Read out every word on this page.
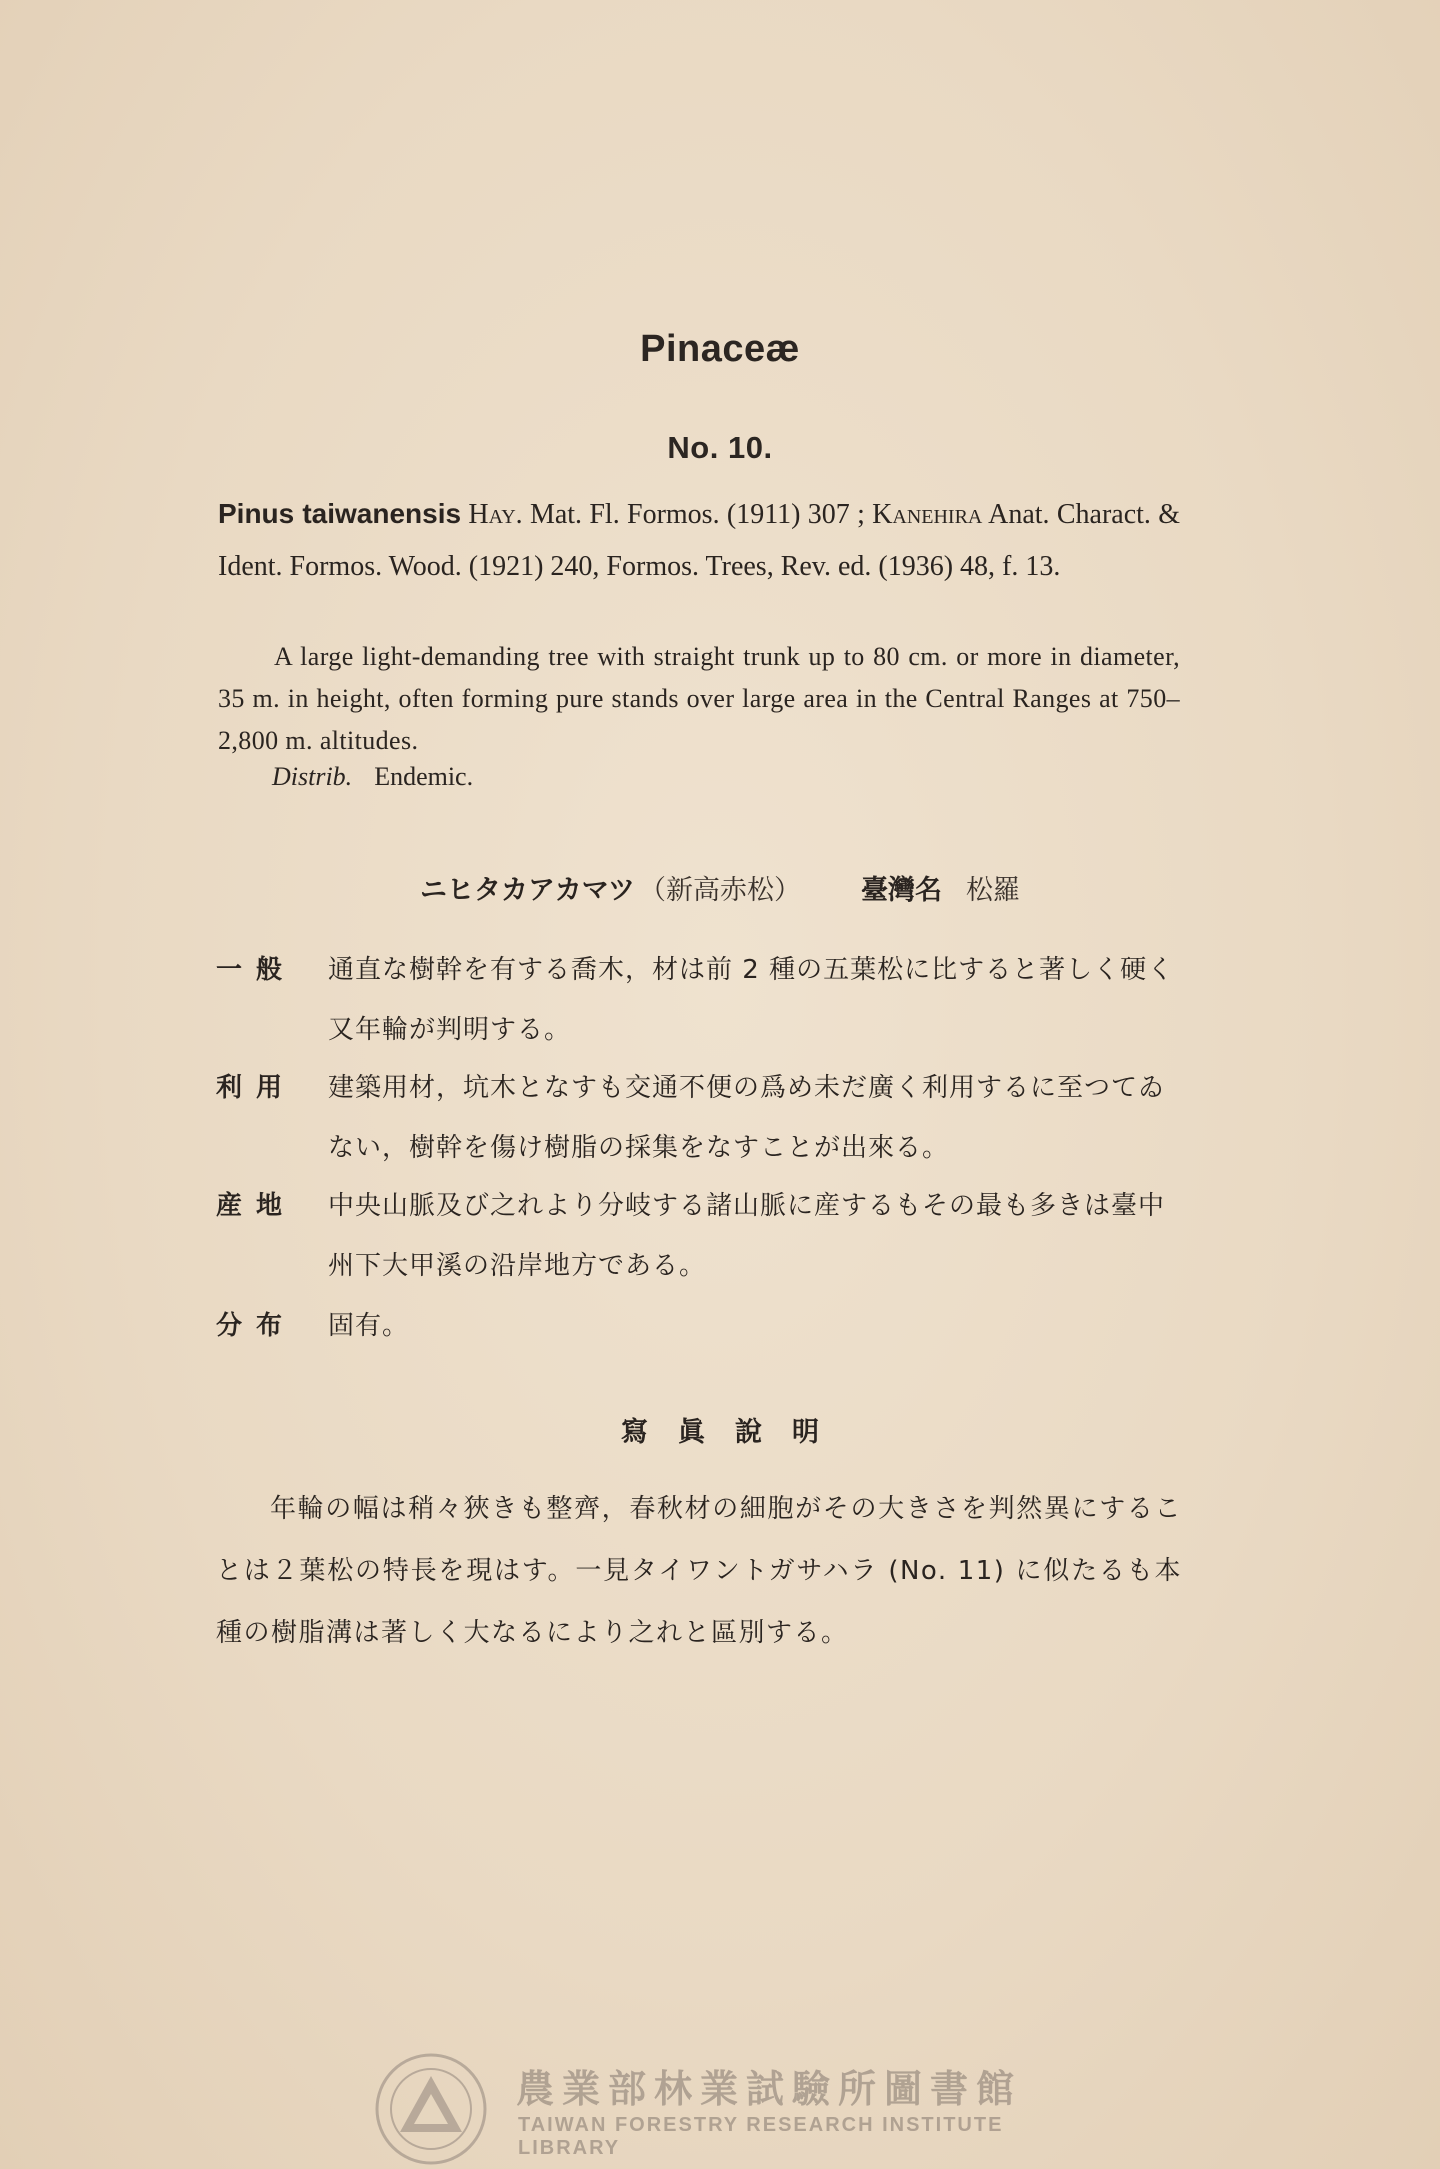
Pinaceæ
No. 10.
Pinus taiwanensis Hay. Mat. Fl. Formos. (1911) 307 ; Kanehira Anat. Charact. & Ident. Formos. Wood. (1921) 240, Formos. Trees, Rev. ed. (1936) 48, f. 13.
A large light-demanding tree with straight trunk up to 80 cm. or more in diameter, 35 m. in height, often forming pure stands over large area in the Central Ranges at 750–2,800 m. altitudes.
Distrib. Endemic.
ニヒタカアカマツ （新高赤松） 臺灣名 松羅
一般	通直な樹幹を有する喬木，材は前 2 種の五葉松に比すると著しく硬く又年輪が判明する。
利用	建築用材，坑木となすも交通不便の爲め未だ廣く利用するに至つてゐない，樹幹を傷け樹脂の採集をなすことが出來る。
産地	中央山脈及び之れより分岐する諸山脈に産するもその最も多きは臺中州下大甲溪の沿岸地方である。
分布	固有。
寫眞說明
年輪の幅は稍々狹きも整齊，春秋材の細胞がその大きさを判然異にすることは２葉松の特長を現はす。一見タイワントガサハラ (No. 11) に似たるも本種の樹脂溝は著しく大なるにより之れと區別する。
農業部林業試驗所圖書館
TAIWAN FORESTRY RESEARCH INSTITUTE LIBRARY
